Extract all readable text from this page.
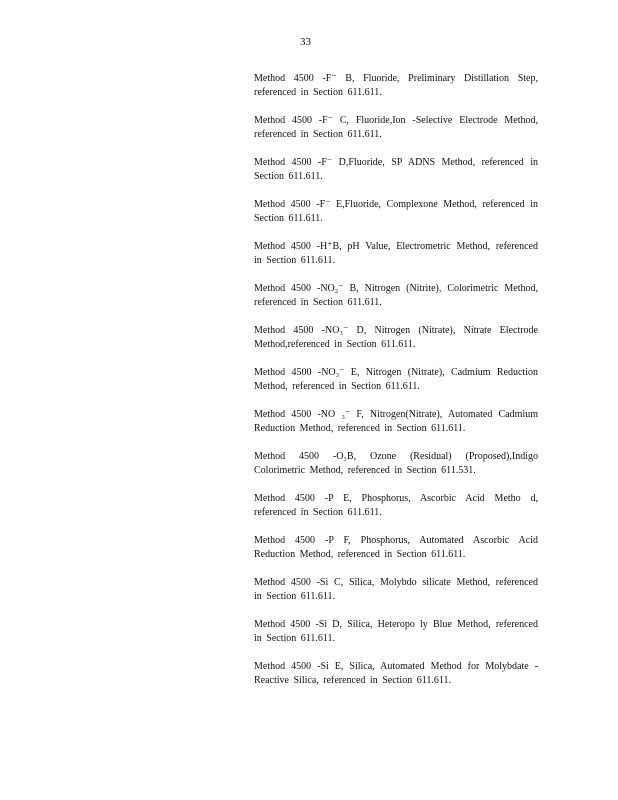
33

Method 4500 -F⁻ B, Fluoride, Preliminary Distillation Step, referenced in Section 611.611.

Method 4500 -F⁻ C, Fluoride,Ion -Selective Electrode Method, referenced in Section 611.611.

Method 4500 -F⁻ D,Fluoride, SP ADNS Method, referenced in Section 611.611.

Method 4500 -F⁻ E,Fluoride, Complexone Method, referenced in Section 611.611.

Method 4500 -H⁺B, pH Value, Electrometric Method, referenced in Section 611.611.

Method 4500 -NO₂⁻ B, Nitrogen (Nitrite), Colorimetric Method, referenced in Section 611.611.

Method 4500 -NO₃⁻ D, Nitrogen (Nitrate), Nitrate Electrode Method,referenced in Section 611.611.

Method 4500 -NO₃⁻ E, Nitrogen (Nitrate), Cadmium Reduction Method, referenced in Section 611.611.

Method 4500 -NO ₃⁻ F, Nitrogen(Nitrate), Automated Cadmium Reduction Method, referenced in Section 611.611.

Method 4500 -O₃B, Ozone (Residual) (Proposed),Indigo Colorimetric Method, referenced in Section 611.531.

Method 4500 -P E, Phosphorus, Ascorbic Acid Metho d, referenced in Section 611.611.

Method 4500 -P F, Phosphorus, Automated Ascorbic Acid Reduction Method, referenced in Section 611.611.

Method 4500 -Si C, Silica, Molybdo silicate Method, referenced in Section 611.611.

Method 4500 -Si D, Silica, Heteropo ly Blue Method, referenced in Section 611.611.

Method 4500 -Si E, Silica, Automated Method for Molybdate -Reactive Silica, referenced in Section 611.611.
